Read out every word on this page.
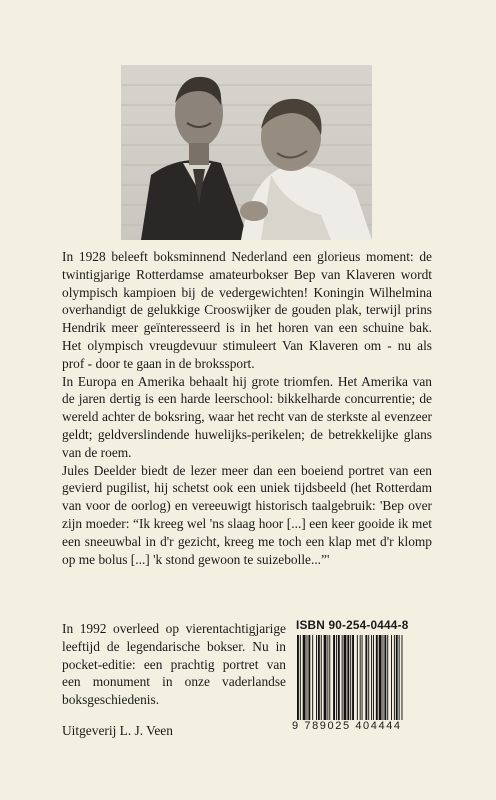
In 1928 beleeft boksminnend Nederland een glorieus moment: de twintigjarige Rotterdamse amateurbokser Bep van Klaveren wordt olympisch kampioen bij de vedergewichten! Koningin Wilhelmina overhandigt de gelukkige Crooswijker de gouden plak, terwijl prins Hendrik meer geïnteresseerd is in het horen van een schuine bak. Het olympisch vreugdevuur stimuleert Van Klaveren om - nu als prof - door te gaan in de brokssport.

In Europa en Amerika behaalt hij grote triomfen. Het Amerika van de jaren dertig is een harde leerschool: bikkelharde concurrentie; de wereld achter de boksring, waar het recht van de sterkste al evenzeer geldt; geldverslindende huwelijks-perikelen; de betrekkelijke glans van de roem.

Jules Deelder biedt de lezer meer dan een boeiend portret van een gevierd pugilist, hij schetst ook een uniek tijdsbeeld (het Rotterdam van voor de oorlog) en vereeuwigt historisch taalgebruik: 'Bep over zijn moeder: “Ik kreeg wel 'ns slaag hoor [...] een keer gooide ik met een sneeuwbal in d'r gezicht, kreeg me toch een klap met d'r klomp op me bolus [...] 'k stond gewoon te suizebolle...”'

In 1992 overleed op vierentachtigjarige leeftijd de legendarische bokser. Nu in pocket-editie: een prachtig portret van een monument in onze vaderlandse boksgeschiedenis.
Uitgeverij L. J. Veen
ISBN 90-254-0444-8
9 789025 404444
